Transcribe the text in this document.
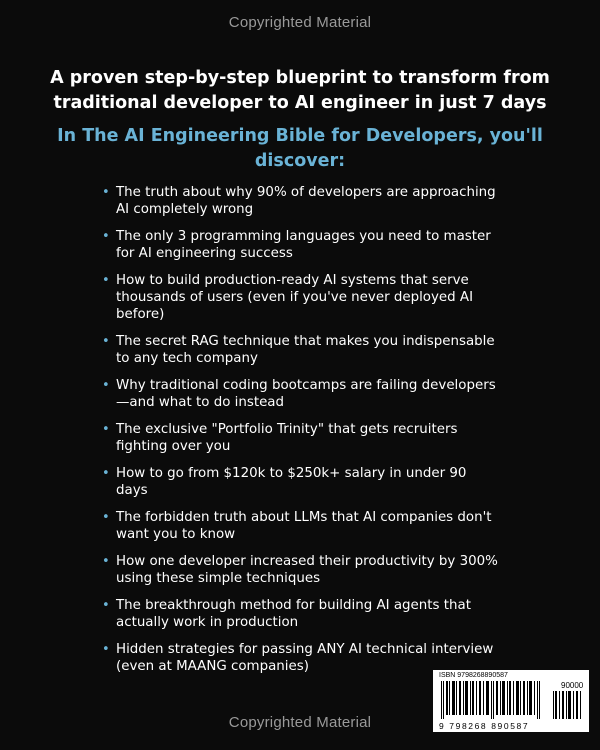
Copyrighted Material
A proven step-by-step blueprint to transform from traditional developer to AI engineer in just 7 days
In The AI Engineering Bible for Developers, you'll discover:
• The truth about why 90% of developers are approaching AI completely wrong
• The only 3 programming languages you need to master for AI engineering success
• How to build production-ready AI systems that serve thousands of users (even if you've never deployed AI before)
• The secret RAG technique that makes you indispensable to any tech company
• Why traditional coding bootcamps are failing developers—and what to do instead
• The exclusive "Portfolio Trinity" that gets recruiters fighting over you
• How to go from $120k to $250k+ salary in under 90 days
• The forbidden truth about LLMs that AI companies don't want you to know
• How one developer increased their productivity by 300% using these simple techniques
• The breakthrough method for building AI agents that actually work in production
• Hidden strategies for passing ANY AI technical interview (even at MAANG companies)
ISBN 9798268890587
90000
9 798268 890587
Copyrighted Material
